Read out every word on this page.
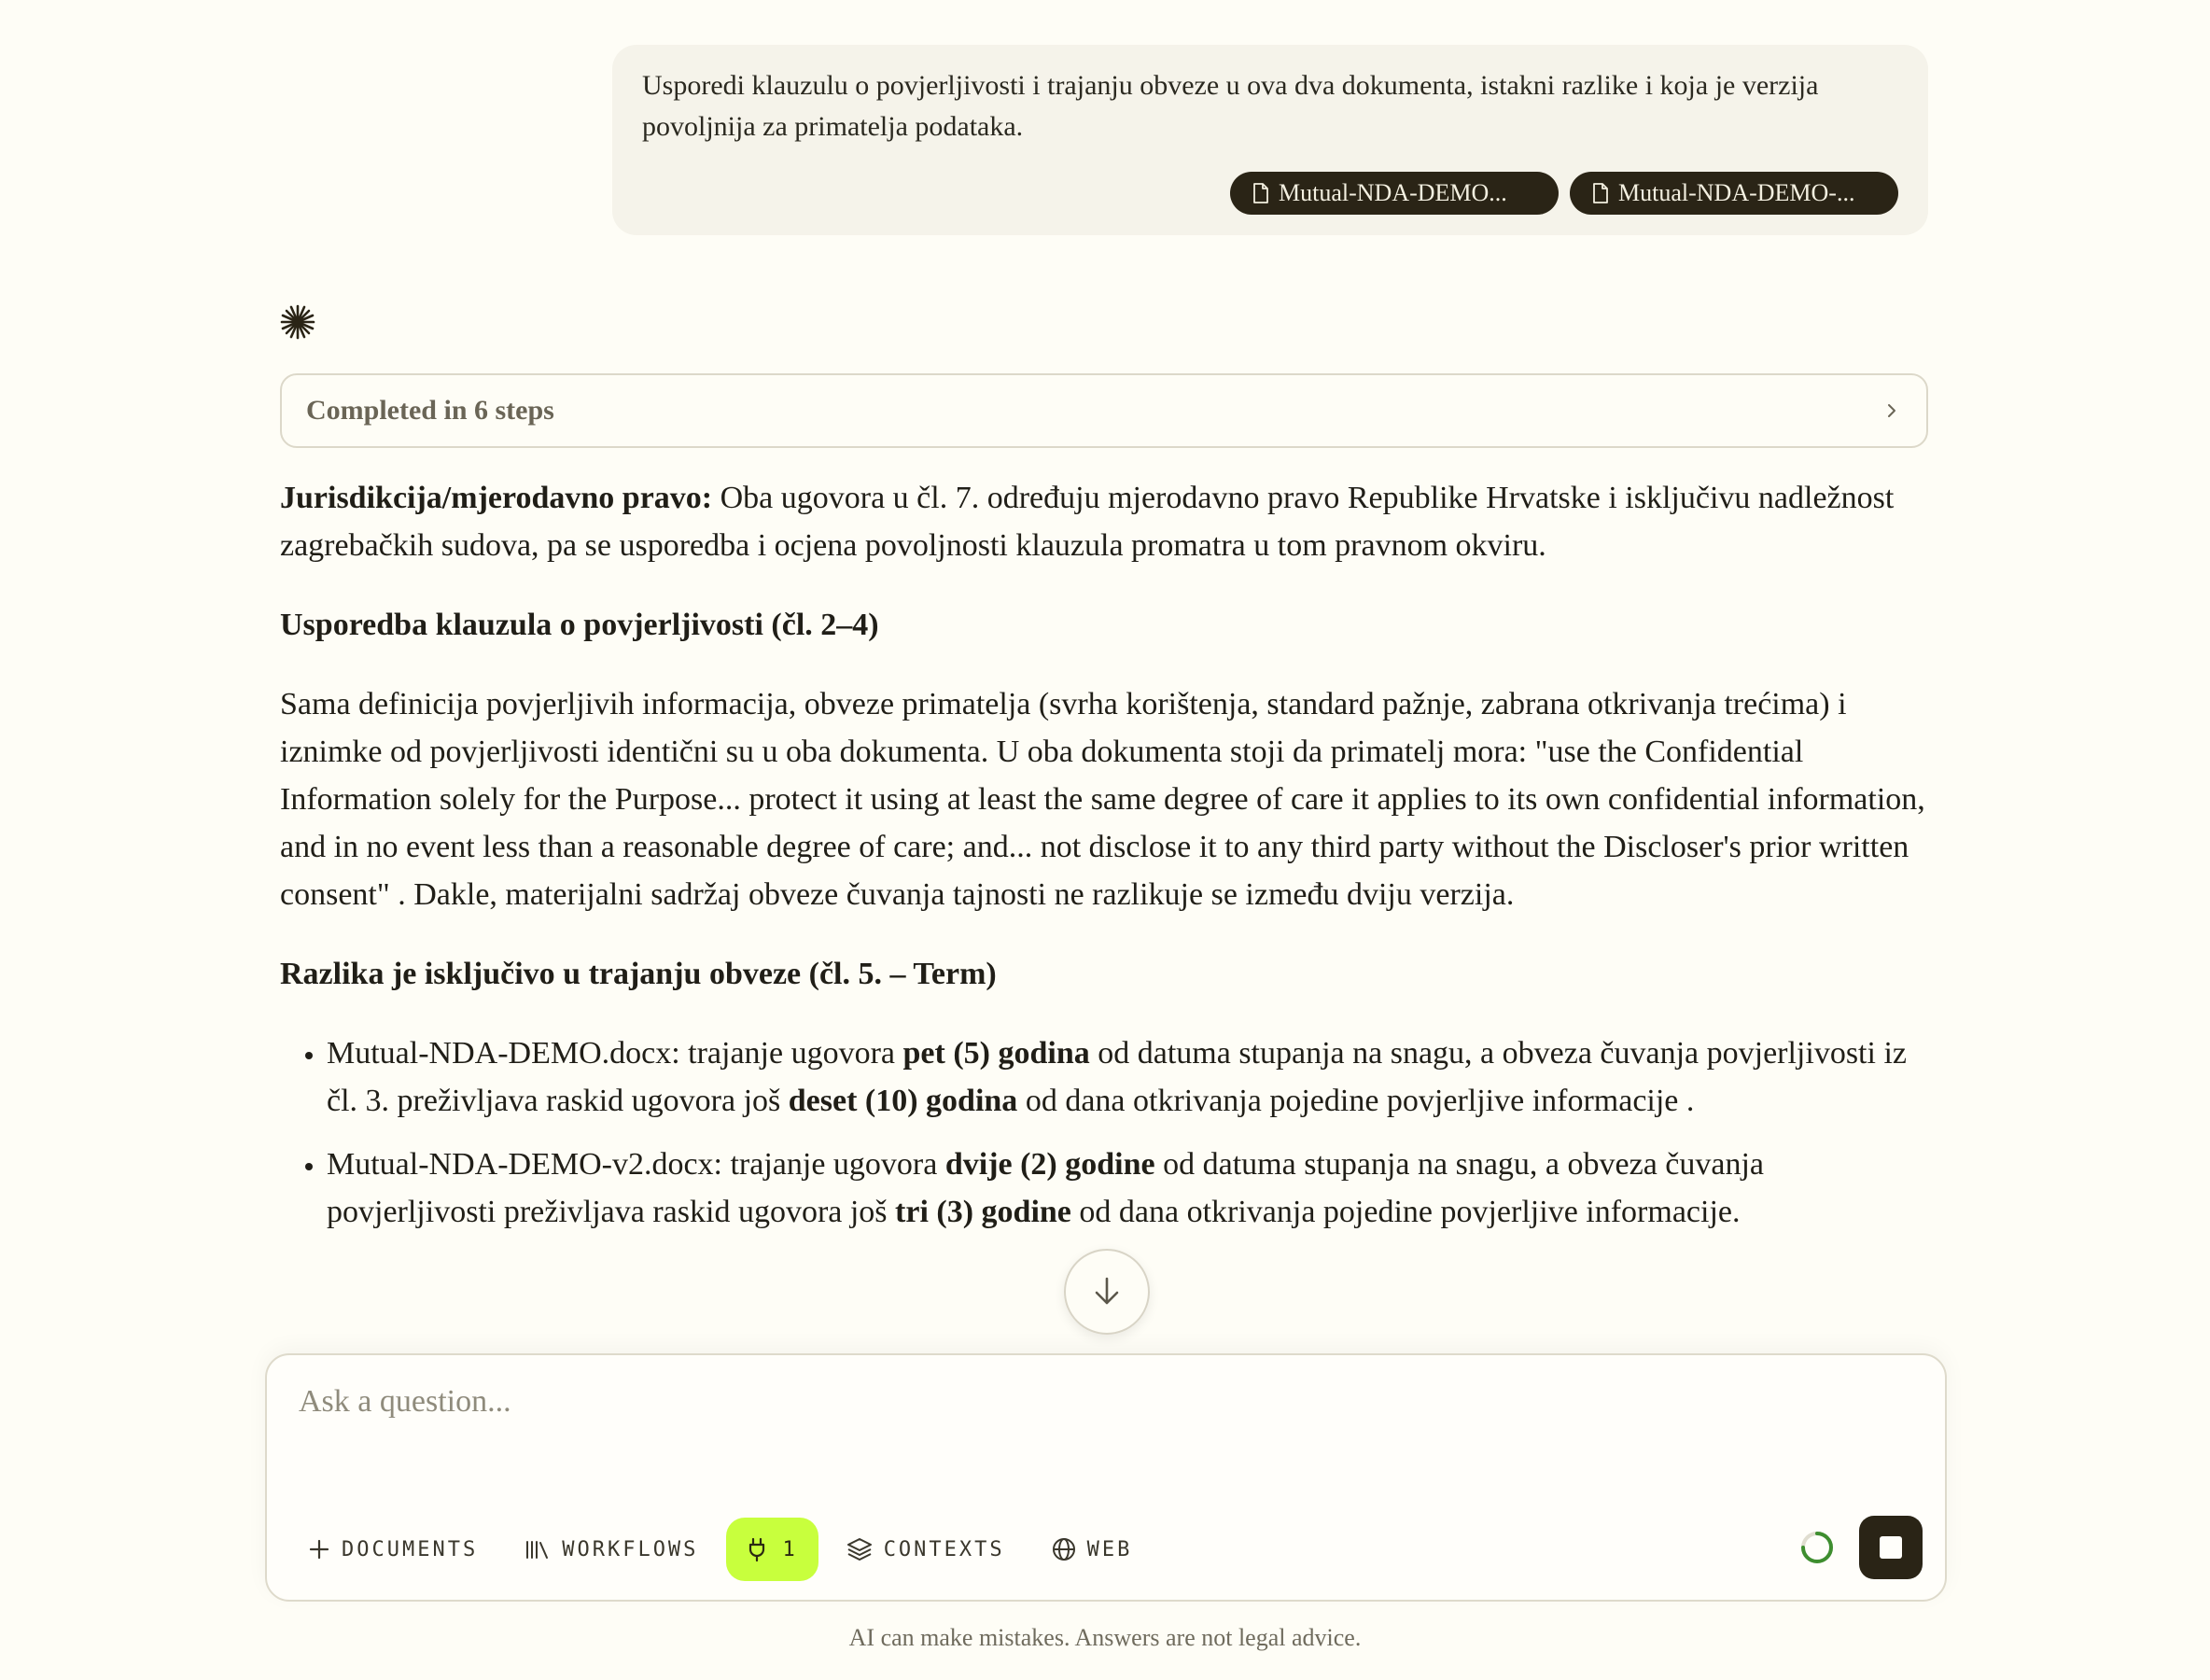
Usporedi klauzulu o povjerljivosti i trajanju obveze u ova dva dokumenta, istakni razlike i koja je verzija povoljnija za primatelja podataka.

Mutual-NDA-DEMO...	Mutual-NDA-DEMO-...
Completed in 6 steps

Jurisdikcija/mjerodavno pravo: Oba ugovora u čl. 7. određuju mjerodavno pravo Republike Hrvatske i isključivu nadležnost zagrebačkih sudova, pa se usporedba i ocjena povoljnosti klauzula promatra u tom pravnom okviru.

Usporedba klauzula o povjerljivosti (čl. 2–4)

Sama definicija povjerljivih informacija, obveze primatelja (svrha korištenja, standard pažnje, zabrana otkrivanja trećima) i iznimke od povjerljivosti identični su u oba dokumenta. U oba dokumenta stoji da primatelj mora: "use the Confidential Information solely for the Purpose... protect it using at least the same degree of care it applies to its own confidential information, and in no event less than a reasonable degree of care; and... not disclose it to any third party without the Discloser's prior written consent" . Dakle, materijalni sadržaj obveze čuvanja tajnosti ne razlikuje se između dviju verzija.

Razlika je isključivo u trajanju obveze (čl. 5. – Term)
• Mutual-NDA-DEMO.docx: trajanje ugovora pet (5) godina od datuma stupanja na snagu, a obveza čuvanja povjerljivosti iz čl. 3. preživljava raskid ugovora još deset (10) godina od dana otkrivanja pojedine povjerljive informacije .
• Mutual-NDA-DEMO-v2.docx: trajanje ugovora dvije (2) godine od datuma stupanja na snagu, a obveza čuvanja povjerljivosti preživljava raskid ugovora još tri (3) godine od dana otkrivanja pojedine povjerljive informacije.
Ask a question...
DOCUMENTS	WORKFLOWS	1	CONTEXTS	WEB
AI can make mistakes. Answers are not legal advice.
